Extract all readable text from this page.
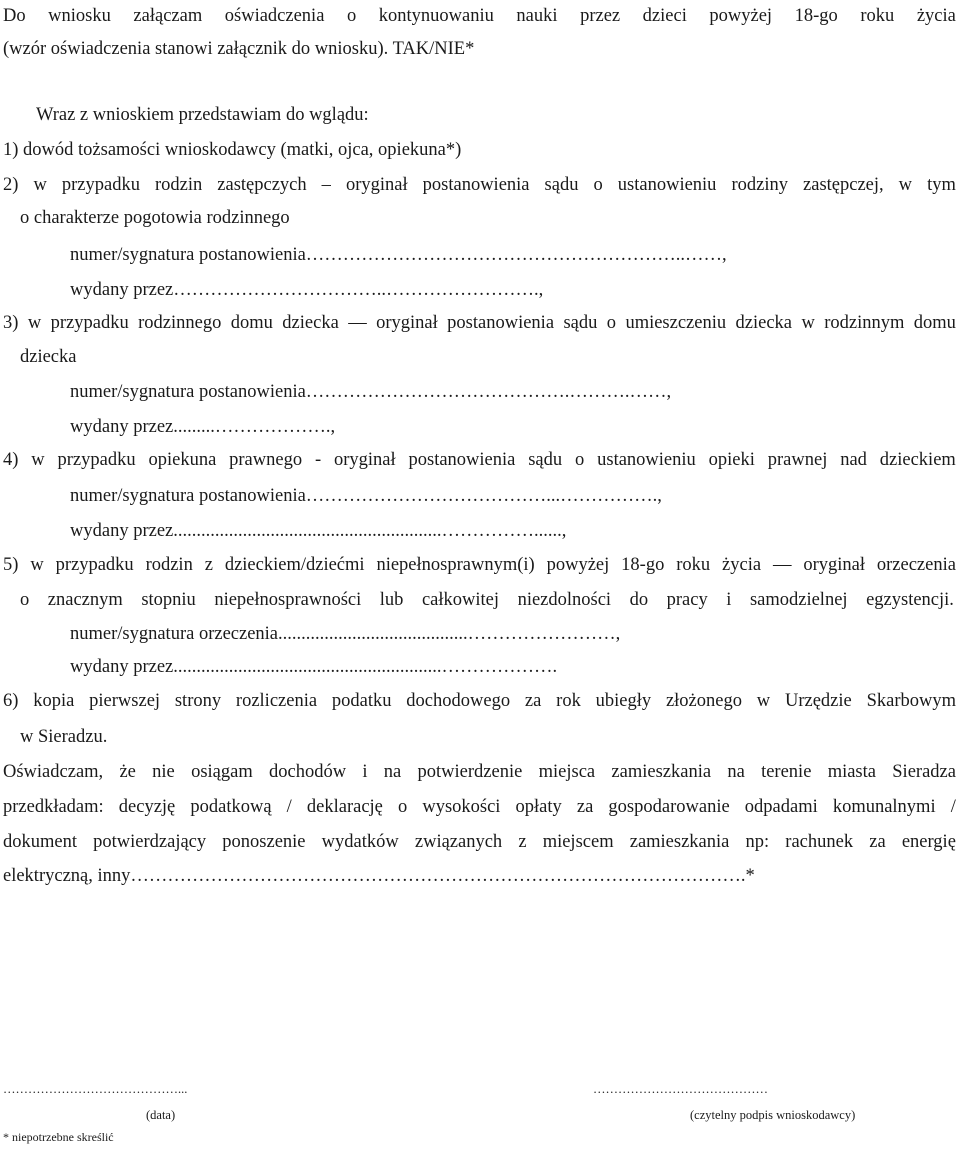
Do wniosku załączam oświadczenia o kontynuowaniu nauki przez dzieci powyżej 18-go roku życia
(wzór oświadczenia stanowi załącznik do wniosku). TAK/NIE*
Wraz z wnioskiem przedstawiam do wglądu:
1) dowód tożsamości wnioskodawcy (matki, ojca, opiekuna*)
2) w przypadku rodzin zastępczych – oryginał postanowienia sądu o ustanowieniu rodziny zastępczej, w tym
o charakterze pogotowia rodzinnego
numer/sygnatura postanowienia……………………………………………………..……,
wydany przez……………………………..…………………….,
3) w przypadku rodzinnego domu dziecka — oryginał postanowienia sądu o umieszczeniu dziecka w rodzinnym domu
dziecka
numer/sygnatura postanowienia…………………………………….……….……,
wydany przez.........……………….,
4) w przypadku opiekuna prawnego - oryginał postanowienia sądu o ustanowieniu opieki prawnej nad dzieckiem
numer/sygnatura postanowienia…………………………………...…………….,
wydany przez..........................................................……………......,
5) w przypadku rodzin z dzieckiem/dziećmi niepełnosprawnym(i) powyżej 18-go roku życia — oryginał orzeczenia
o znacznym stopniu niepełnosprawności lub całkowitej niezdolności do pracy i samodzielnej egzystencji.
numer/sygnatura orzeczenia.........................................……………………,
wydany przez..........................................................……………….
6) kopia pierwszej strony rozliczenia podatku dochodowego za rok ubiegły złożonego w Urzędzie Skarbowym
w Sieradzu.
Oświadczam, że nie osiągam dochodów i na potwierdzenie miejsca zamieszkania na terenie miasta Sieradza
przedkładam: decyzję podatkową / deklarację o wysokości opłaty za gospodarowanie odpadami komunalnymi /
dokument potwierdzający ponoszenie wydatków związanych z miejscem zamieszkania np: rachunek za energię
elektryczną, inny……………………………………………………………………………………….*
……………………………………...
(data)
……………………………………
(czytelny podpis wnioskodawcy)
* niepotrzebne skreślić
